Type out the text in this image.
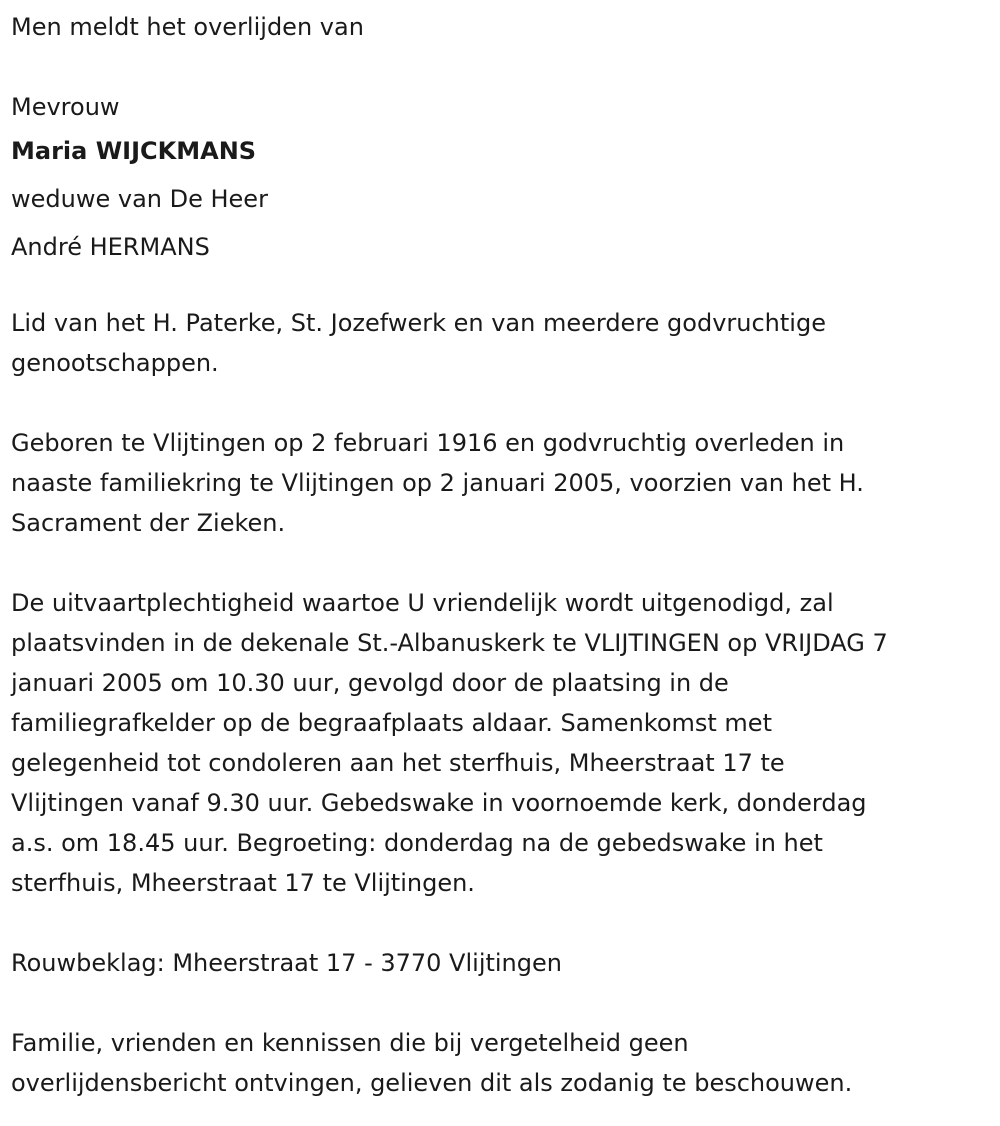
Men meldt het overlijden van

Mevrouw

Maria WIJCKMANS

weduwe van De Heer

André HERMANS

Lid van het H. Paterke, St. Jozefwerk en van meerdere godvruchtige

genootschappen.

Geboren te Vlijtingen op 2 februari 1916 en godvruchtig overleden in

naaste familiekring te Vlijtingen op 2 januari 2005, voorzien van het H.

Sacrament der Zieken.

De uitvaartplechtigheid waartoe U vriendelijk wordt uitgenodigd, zal

plaatsvinden in de dekenale St.-Albanuskerk te VLIJTINGEN op VRIJDAG 7

januari 2005 om 10.30 uur, gevolgd door de plaatsing in de

familiegrafkelder op de begraafplaats aldaar. Samenkomst met

gelegenheid tot condoleren aan het sterfhuis, Mheerstraat 17 te

Vlijtingen vanaf 9.30 uur. Gebedswake in voornoemde kerk, donderdag

a.s. om 18.45 uur. Begroeting: donderdag na de gebedswake in het

sterfhuis, Mheerstraat 17 te Vlijtingen.

Rouwbeklag: Mheerstraat 17 - 3770 Vlijtingen

Familie, vrienden en kennissen die bij vergetelheid geen

overlijdensbericht ontvingen, gelieven dit als zodanig te beschouwen.
